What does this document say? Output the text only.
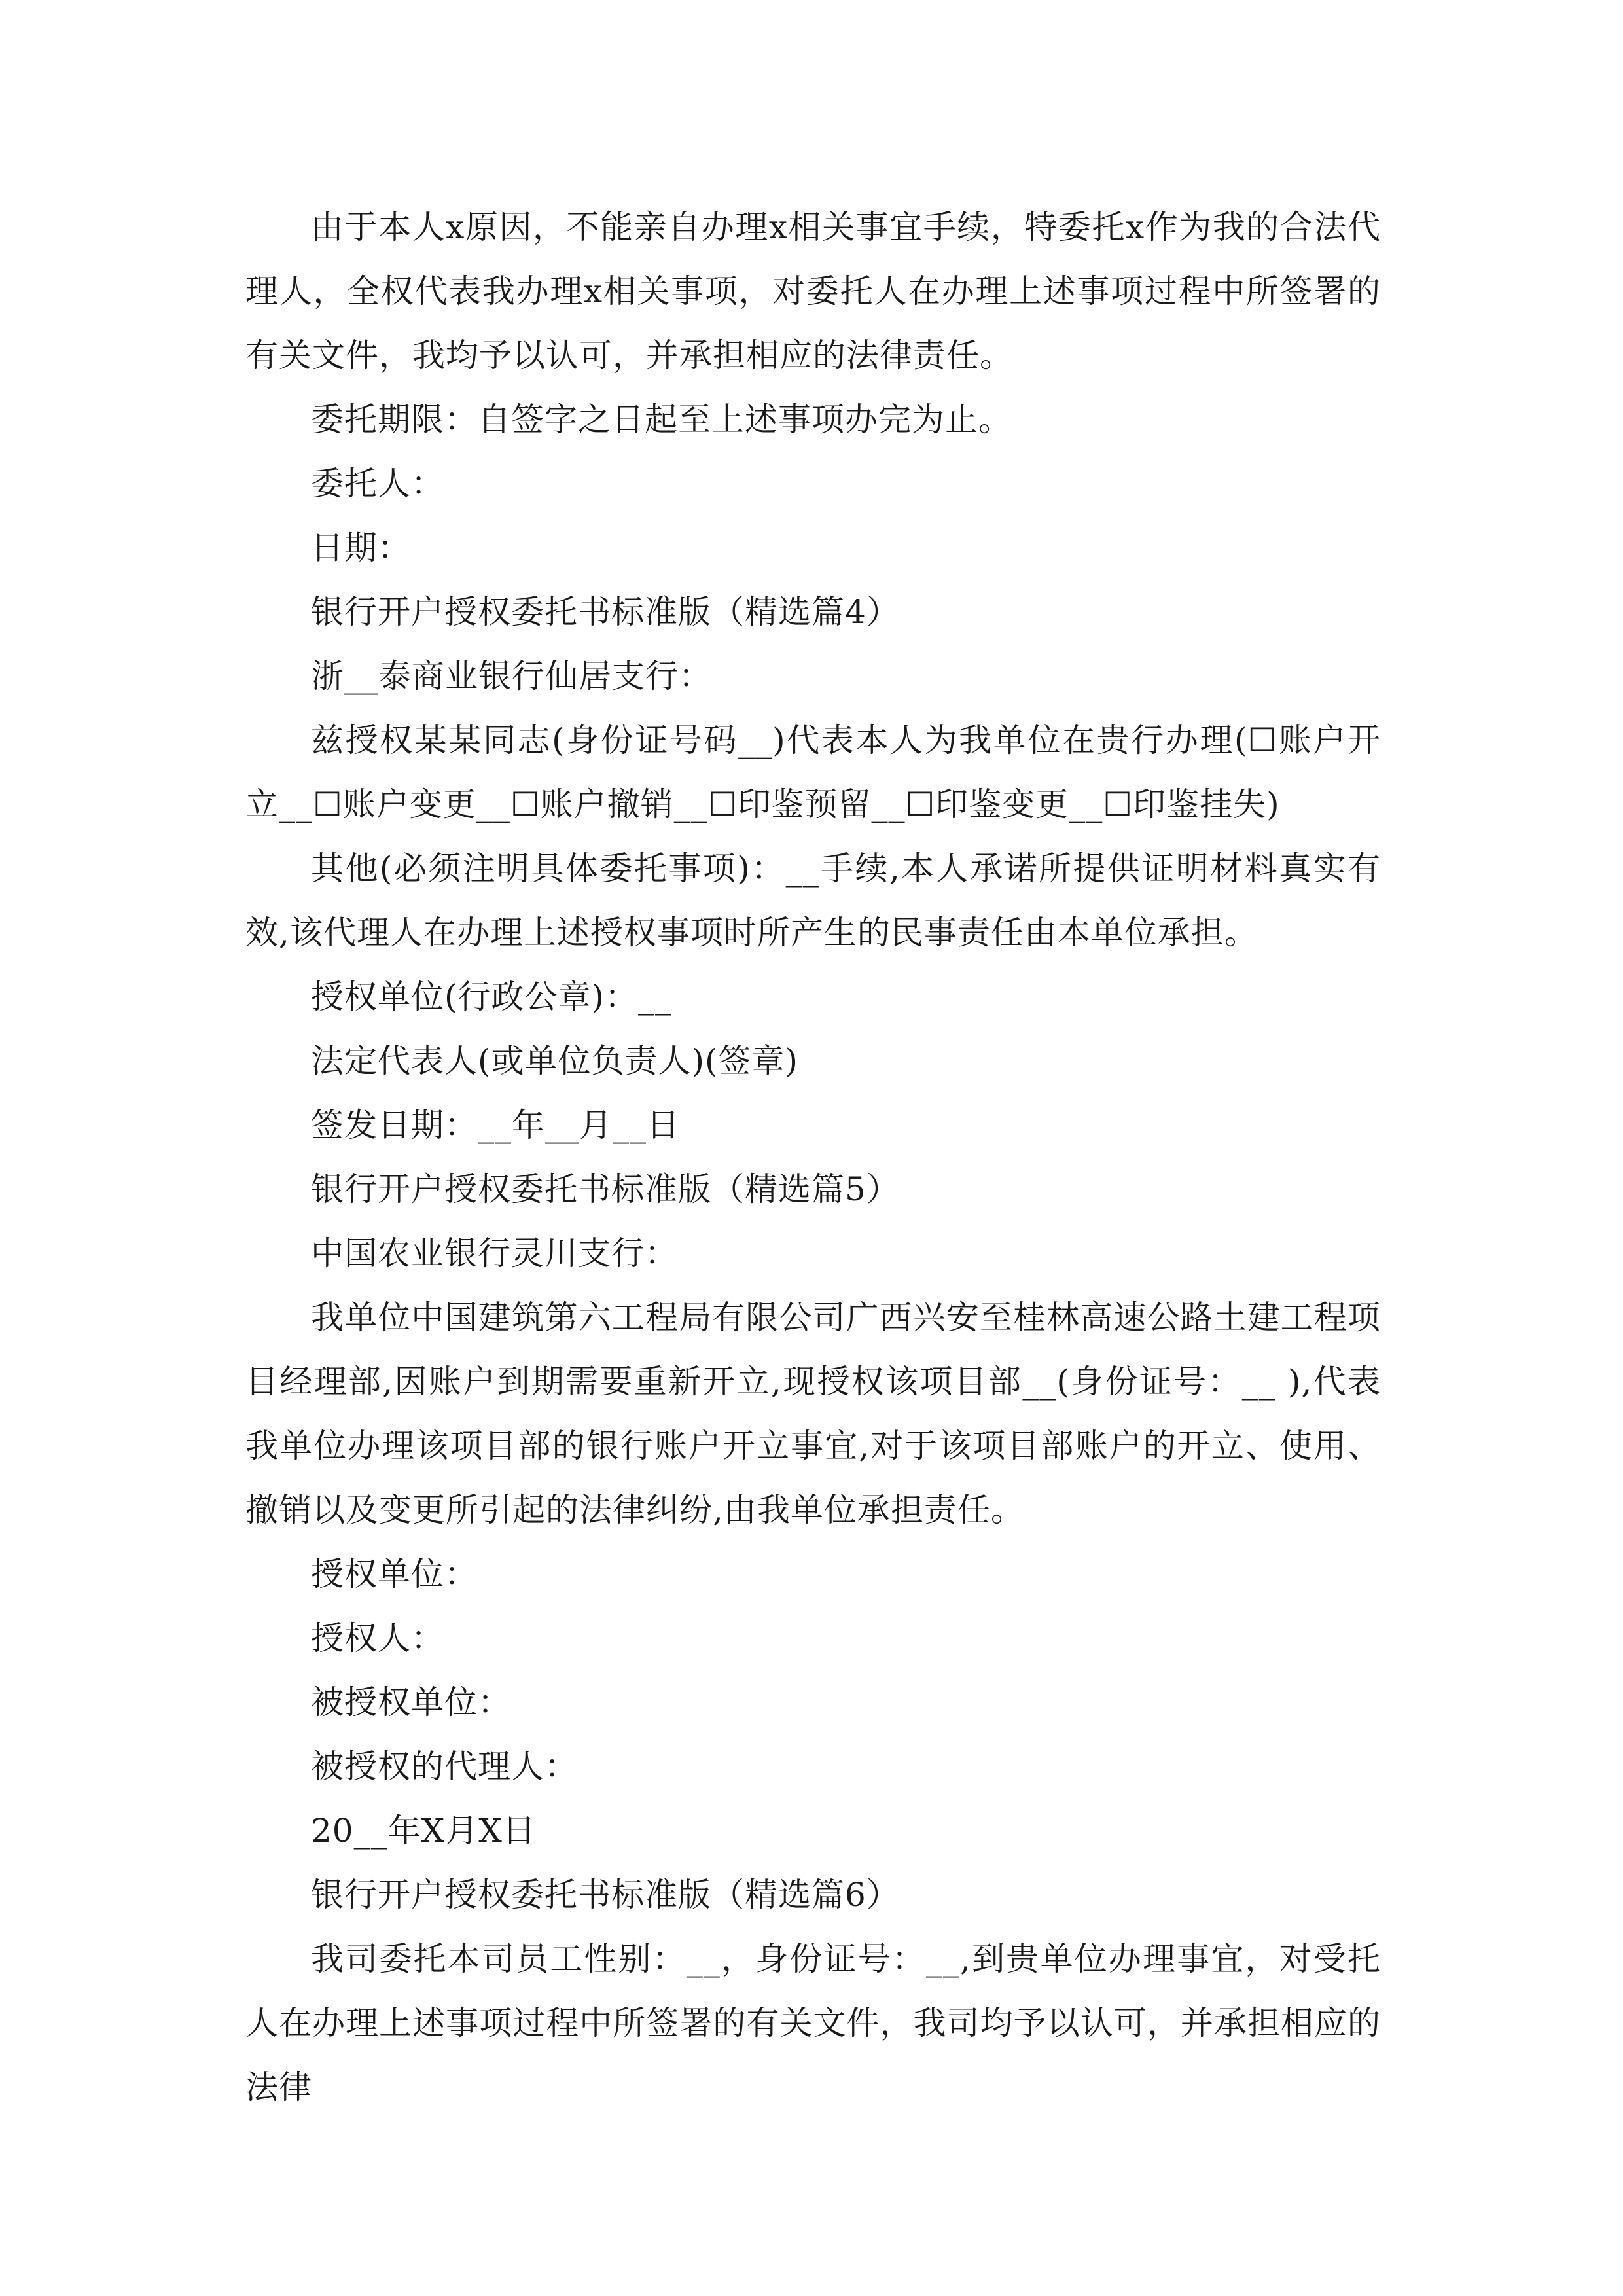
由于本人x原因，不能亲自办理x相关事宜手续，特委托x作为我的合法代理人，全权代表我办理x相关事项，对委托人在办理上述事项过程中所签署的有关文件，我均予以认可，并承担相应的法律责任。

委托期限：自签字之日起至上述事项办完为止。

委托人：

日期：

银行开户授权委托书标准版（精选篇4）

浙__泰商业银行仙居支行：

兹授权某某同志(身份证号码__)代表本人为我单位在贵行办理(☐账户开立__☐账户变更__☐账户撤销__☐印鉴预留__☐印鉴变更__☐印鉴挂失)

其他(必须注明具体委托事项)：__手续,本人承诺所提供证明材料真实有效,该代理人在办理上述授权事项时所产生的民事责任由本单位承担。

授权单位(行政公章)：__

法定代表人(或单位负责人)(签章)

签发日期：__年__月__日

银行开户授权委托书标准版（精选篇5）

中国农业银行灵川支行：

我单位中国建筑第六工程局有限公司广西兴安至桂林高速公路土建工程项目经理部,因账户到期需要重新开立,现授权该项目部__(身份证号：__ ),代表我单位办理该项目部的银行账户开立事宜,对于该项目部账户的开立、使用、撤销以及变更所引起的法律纠纷,由我单位承担责任。

授权单位：

授权人：

被授权单位：

被授权的代理人：

20__年X月X日

银行开户授权委托书标准版（精选篇6）

我司委托本司员工性别：__，身份证号：__,到贵单位办理事宜，对受托人在办理上述事项过程中所签署的有关文件，我司均予以认可，并承担相应的法律
